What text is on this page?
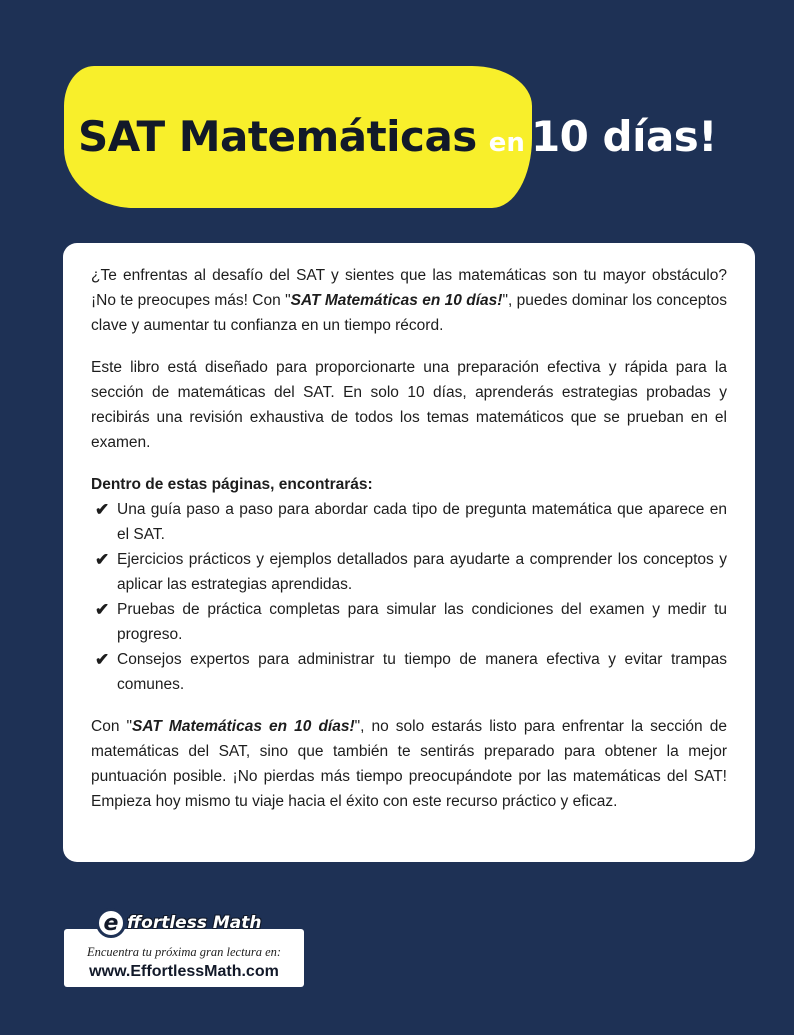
SAT Matemáticas en 10 días!

¿Te enfrentas al desafío del SAT y sientes que las matemáticas son tu mayor obstáculo? ¡No te preocupes más! Con "SAT Matemáticas en 10 días!", puedes dominar los conceptos clave y aumentar tu confianza en un tiempo récord.

Este libro está diseñado para proporcionarte una preparación efectiva y rápida para la sección de matemáticas del SAT. En solo 10 días, aprenderás estrategias probadas y recibirás una revisión exhaustiva de todos los temas matemáticos que se prueban en el examen.

Dentro de estas páginas, encontrarás:
✔ Una guía paso a paso para abordar cada tipo de pregunta matemática que aparece en el SAT.
✔ Ejercicios prácticos y ejemplos detallados para ayudarte a comprender los conceptos y aplicar las estrategias aprendidas.
✔ Pruebas de práctica completas para simular las condiciones del examen y medir tu progreso.
✔ Consejos expertos para administrar tu tiempo de manera efectiva y evitar trampas comunes.

Con "SAT Matemáticas en 10 días!", no solo estarás listo para enfrentar la sección de matemáticas del SAT, sino que también te sentirás preparado para obtener la mejor puntuación posible. ¡No pierdas más tiempo preocupándote por las matemáticas del SAT! Empieza hoy mismo tu viaje hacia el éxito con este recurso práctico y eficaz.

e ffortless Math
Encuentra tu próxima gran lectura en:
www.EffortlessMath.com
